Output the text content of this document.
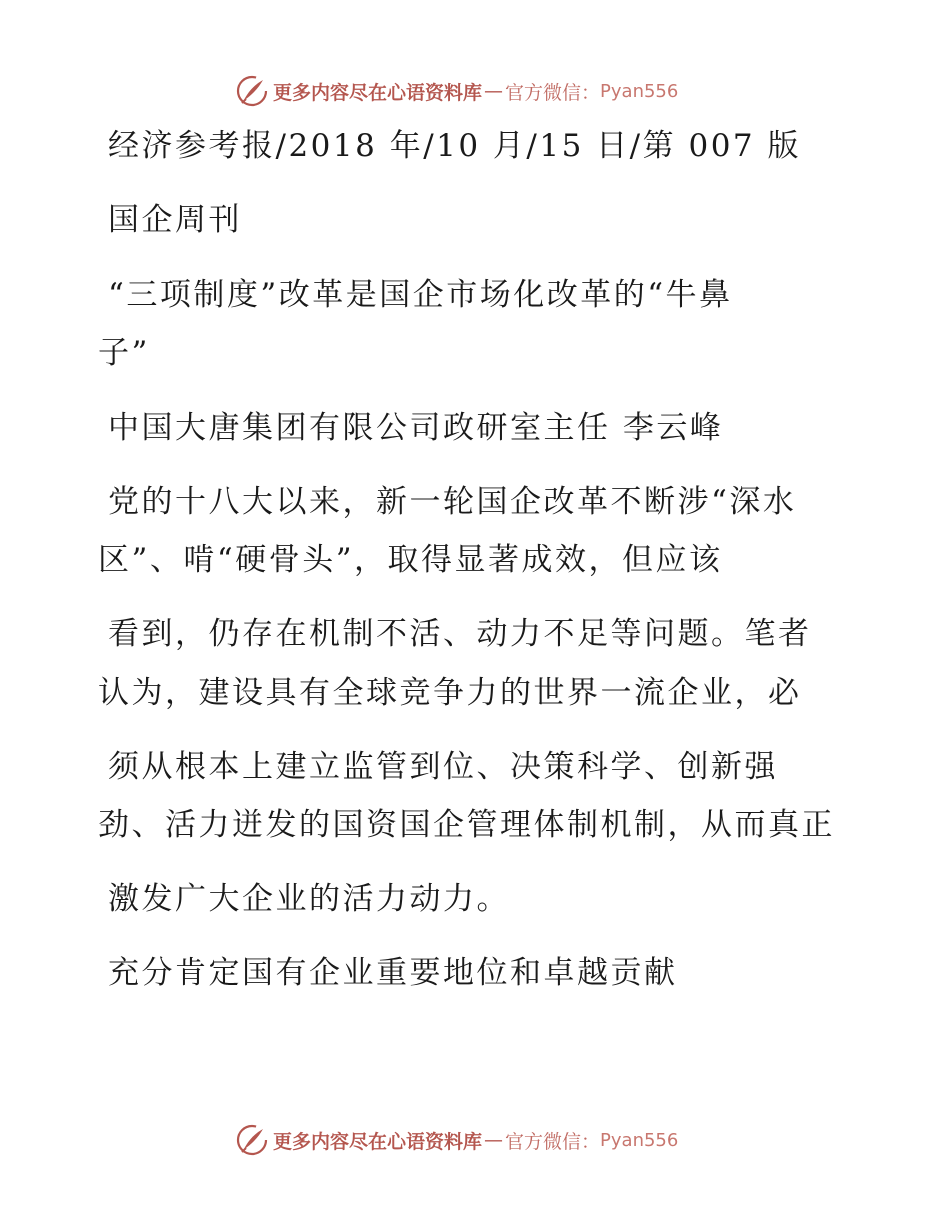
更多内容尽在心语资料库 — 官方微信： Pyan556
经济参考报/2018 年/10 月/15 日/第 007 版
国企周刊
“三项制度”改革是国企市场化改革的“牛鼻
子”
中国大唐集团有限公司政研室主任 李云峰
党的十八大以来，新一轮国企改革不断涉“深水
区”、啃“硬骨头”，取得显著成效，但应该
看到，仍存在机制不活、动力不足等问题。笔者
认为，建设具有全球竞争力的世界一流企业，必
须从根本上建立监管到位、决策科学、创新强
劲、活力迸发的国资国企管理体制机制，从而真正
激发广大企业的活力动力。
充分肯定国有企业重要地位和卓越贡献
更多内容尽在心语资料库 — 官方微信： Pyan556
